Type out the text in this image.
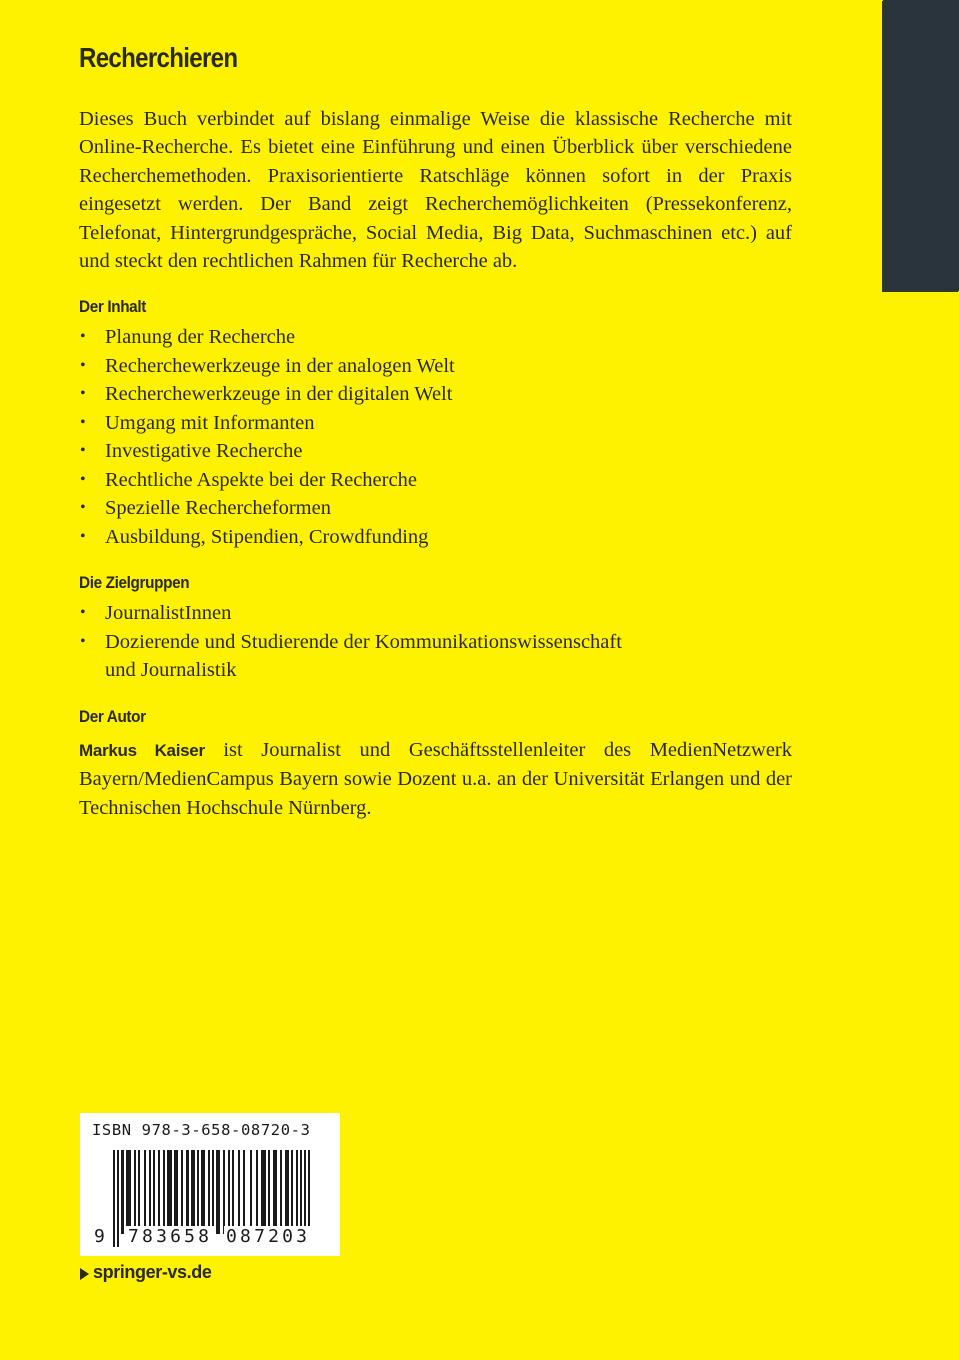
Recherchieren

Dieses Buch verbindet auf bislang einmalige Weise die klassische Recherche mit Online-Recherche. Es bietet eine Einführung und einen Überblick über verschiedene Recherchemethoden. Praxisorientierte Ratschläge können sofort in der Praxis eingesetzt werden. Der Band zeigt Recherchemöglichkeiten (Pressekonferenz, Telefonat, Hintergrundgespräche, Social Media, Big Data, Suchmaschinen etc.) auf und steckt den rechtlichen Rahmen für Recherche ab.

Der Inhalt
• Planung der Recherche
• Recherchewerkzeuge in der analogen Welt
• Recherchewerkzeuge in der digitalen Welt
• Umgang mit Informanten
• Investigative Recherche
• Rechtliche Aspekte bei der Recherche
• Spezielle Rechercheformen
• Ausbildung, Stipendien, Crowdfunding
Die Zielgruppen
• JournalistInnen
• Dozierende und Studierende der Kommunikationswissenschaft
und Journalistik
Der Autor

Markus Kaiser ist Journalist und Geschäftsstellenleiter des MedienNetzwerk Bayern/MedienCampus Bayern sowie Dozent u.a. an der Universität Erlangen und der Technischen Hochschule Nürnberg.

ISBN 978-3-658-08720-3
9 783658 087203
springer-vs.de
